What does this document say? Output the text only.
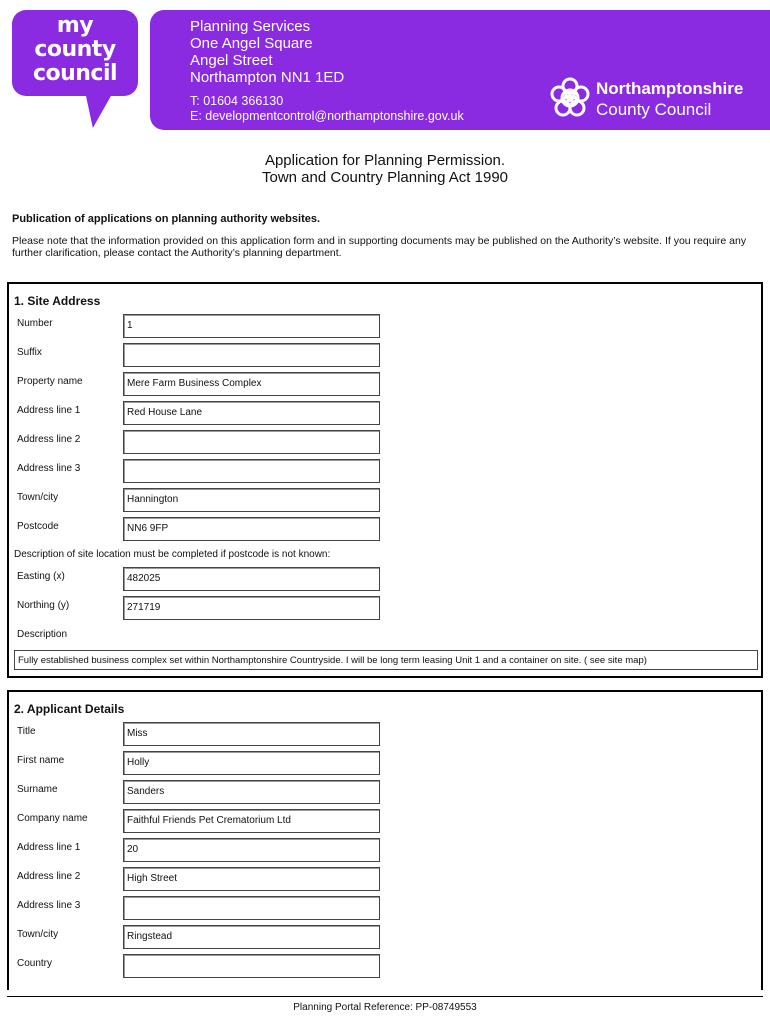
my
county
council
Planning Services
One Angel Square
Angel Street
Northampton NN1 1ED
T: 01604 366130
E: developmentcontrol@northamptonshire.gov.uk
Northamptonshire
County Council
Application for Planning Permission.
Town and Country Planning Act 1990
Publication of applications on planning authority websites.
Please note that the information provided on this application form and in supporting documents may be published on the Authority’s website. If you require any further clarification, please contact the Authority’s planning department.
1. Site Address
Number	1
Suffix
Property name	Mere Farm Business Complex
Address line 1	Red House Lane
Address line 2
Address line 3
Town/city	Hannington
Postcode	NN6 9FP
Description of site location must be completed if postcode is not known:
Easting (x)	482025
Northing (y)	271719
Description
Fully established business complex set within Northamptonshire Countryside. I will be long term leasing Unit 1 and a container on site. ( see site map)
2. Applicant Details
Title	Miss
First name	Holly
Surname	Sanders
Company name	Faithful Friends Pet Crematorium Ltd
Address line 1	20
Address line 2	High Street
Address line 3
Town/city	Ringstead
Country
Planning Portal Reference: PP-08749553
